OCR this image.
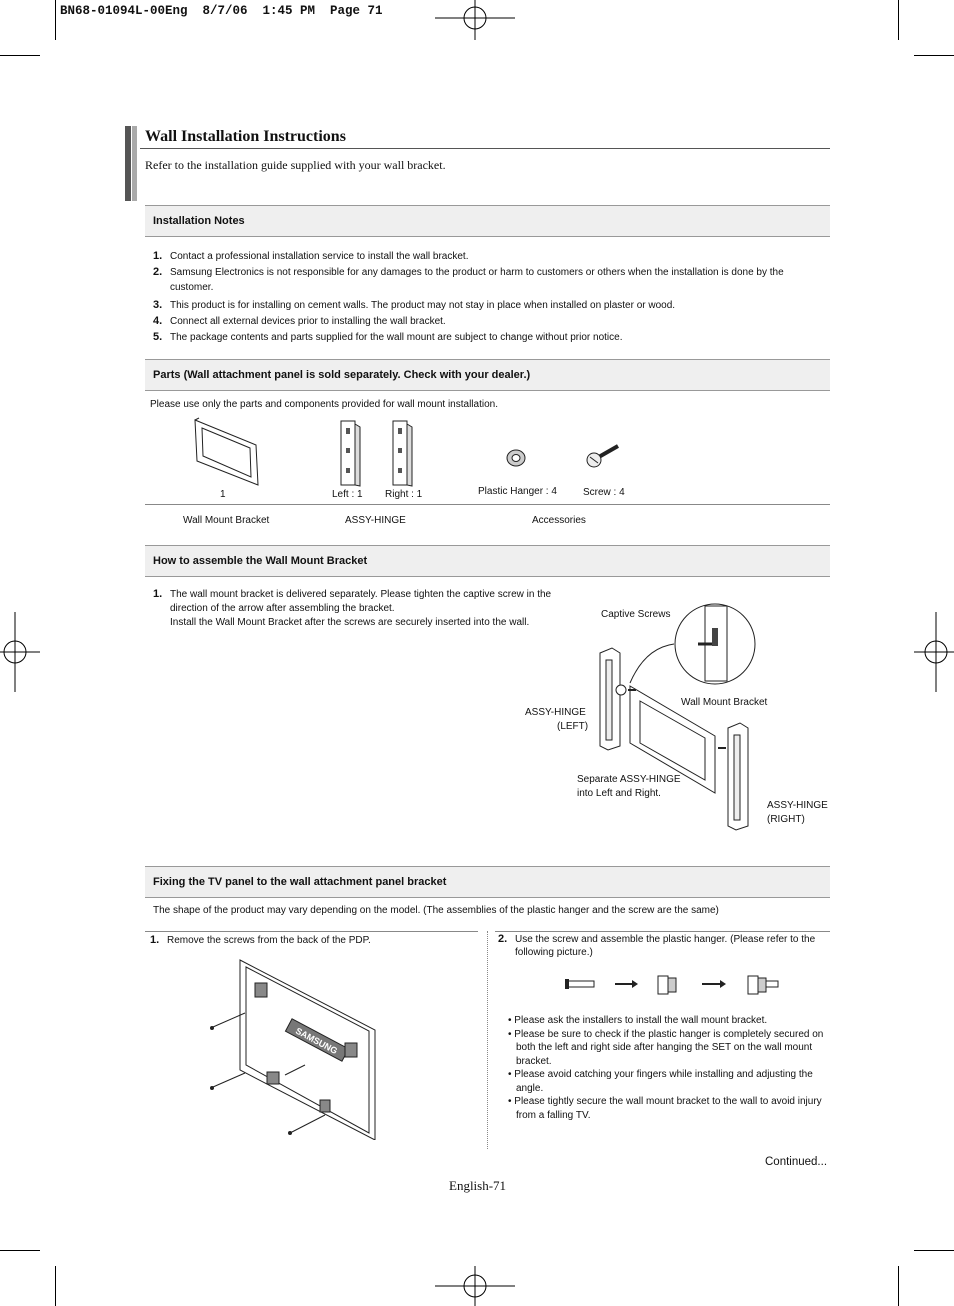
BN68-01094L-00Eng  8/7/06  1:45 PM  Page 71
Wall Installation Instructions
Refer to the installation guide supplied with your wall bracket.
Installation Notes
1. Contact a professional installation service to install the wall bracket.
2. Samsung Electronics is not responsible for any damages to the product or harm to customers or others when the installation is done by the
customer.
3. This product is for installing on cement walls. The product may not stay in place when installed on plaster or wood.
4. Connect all external devices prior to installing the wall bracket.
5. The package contents and parts supplied for the wall mount are subject to change without prior notice.
Parts (Wall attachment panel is sold separately. Check with your dealer.)
Please use only the parts and components provided for wall mount installation.
1	Left : 1 Right : 1	Plastic Hanger : 4	Screw : 4
Wall Mount Bracket	ASSY-HINGE	Accessories
How to assemble the Wall Mount Bracket
1. The wall mount bracket is delivered separately. Please tighten the captive screw in the
direction of the arrow after assembling the bracket.
Install the Wall Mount Bracket after the screws are securely inserted into the wall.
Captive Screws
Wall Mount Bracket
ASSY-HINGE
(LEFT)
Separate ASSY-HINGE
into Left and Right.
ASSY-HINGE
(RIGHT)
Fixing the TV panel to the wall attachment panel bracket
The shape of the product may vary depending on the model. (The assemblies of the plastic hanger and the screw are the same)
1. Remove the screws from the back of the PDP.
SAMSUNG
2. Use the screw and assemble the plastic hanger. (Please refer to the
following picture.)
• Please ask the installers to install the wall mount bracket.
• Please be sure to check if the plastic hanger is completely secured on both the left and right side after hanging the SET on the wall mount bracket.
• Please avoid catching your fingers while installing and adjusting the angle.
• Please tightly secure the wall mount bracket to the wall to avoid injury from a falling TV.
Continued...
English-71
